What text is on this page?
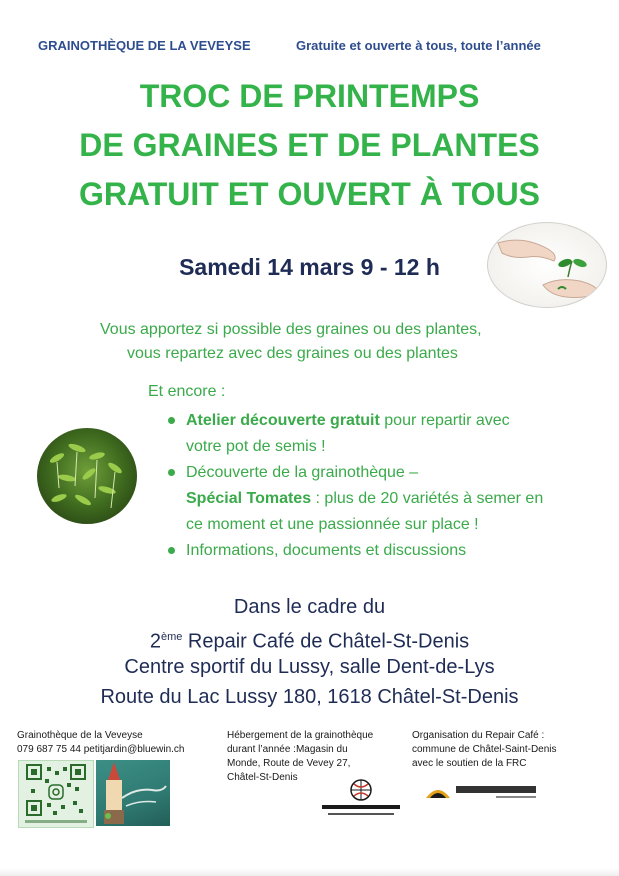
GRAINOTHÈQUE DE LA VEVEYSE	Gratuite et ouverte à tous, toute l’année
TROC DE PRINTEMPS
DE GRAINES ET DE PLANTES
GRATUIT ET OUVERT À TOUS
Samedi 14 mars 9 - 12 h
Vous apportez si possible des graines ou des plantes,
vous repartez avec des graines ou des plantes
Et encore :
Atelier découverte gratuit pour repartir avec
votre pot de semis !
Découverte de la grainothèque –
Spécial Tomates : plus de 20 variétés à semer en
ce moment et une passionnée sur place !
Informations, documents et discussions
Dans le cadre du
2ème Repair Café de Châtel-St-Denis
Centre sportif du Lussy, salle Dent-de-Lys
Route du Lac Lussy 180, 1618 Châtel-St-Denis
Grainothèque de la Veveyse
079 687 75 44 petitjardin@bluewin.ch
Hébergement de la grainothèque
durant l’année :Magasin du
Monde, Route de Vevey 27,
Châtel-St-Denis
Organisation du Repair Café :
commune de Châtel-Saint-Denis
avec le soutien de la FRC
